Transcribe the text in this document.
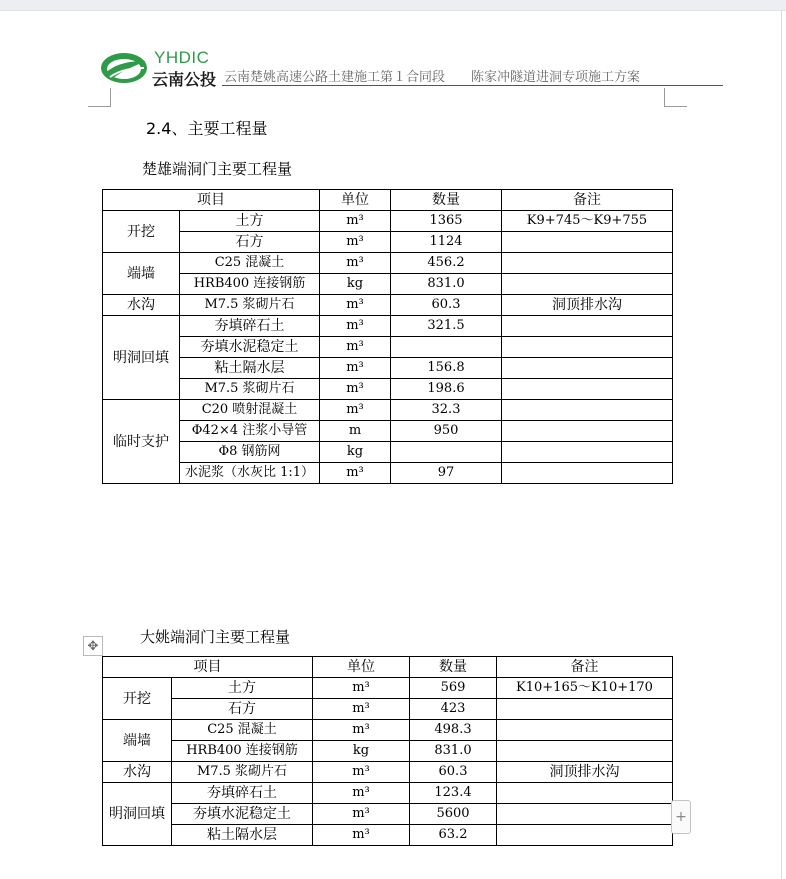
YHDIC
云南公投 云南楚姚高速公路土建施工第１合同段　　陈家冲隧道进洞专项施工方案
2.4、主要工程量
楚雄端洞门主要工程量
项目		单位	数量	备注
开挖	土方	m³	1365	K9+745～K9+755
	石方	m³	1124	
端墙	C25 混凝土	m³	456.2	
	HRB400 连接钢筋	kg	831.0	
水沟	M7.5 浆砌片石	m³	60.3	洞顶排水沟
明洞回填	夯填碎石土	m³	321.5	
	夯填水泥稳定土	m³		
	粘土隔水层	m³	156.8	
	M7.5 浆砌片石	m³	198.6	
临时支护	C20 喷射混凝土	m³	32.3	
	Φ42×4 注浆小导管	m	950	
	Φ8 钢筋网	kg		
	水泥浆（水灰比 1:1）	m³	97	
✥	大姚端洞门主要工程量
项目		单位	数量	备注
开挖	土方	m³	569	K10+165～K10+170
	石方	m³	423	
端墙	C25 混凝土	m³	498.3	
	HRB400 连接钢筋	kg	831.0	
水沟	M7.5 浆砌片石	m³	60.3	洞顶排水沟
明洞回填	夯填碎石土	m³	123.4	
	夯填水泥稳定土	m³	5600	
	粘土隔水层	m³	63.2	
+
